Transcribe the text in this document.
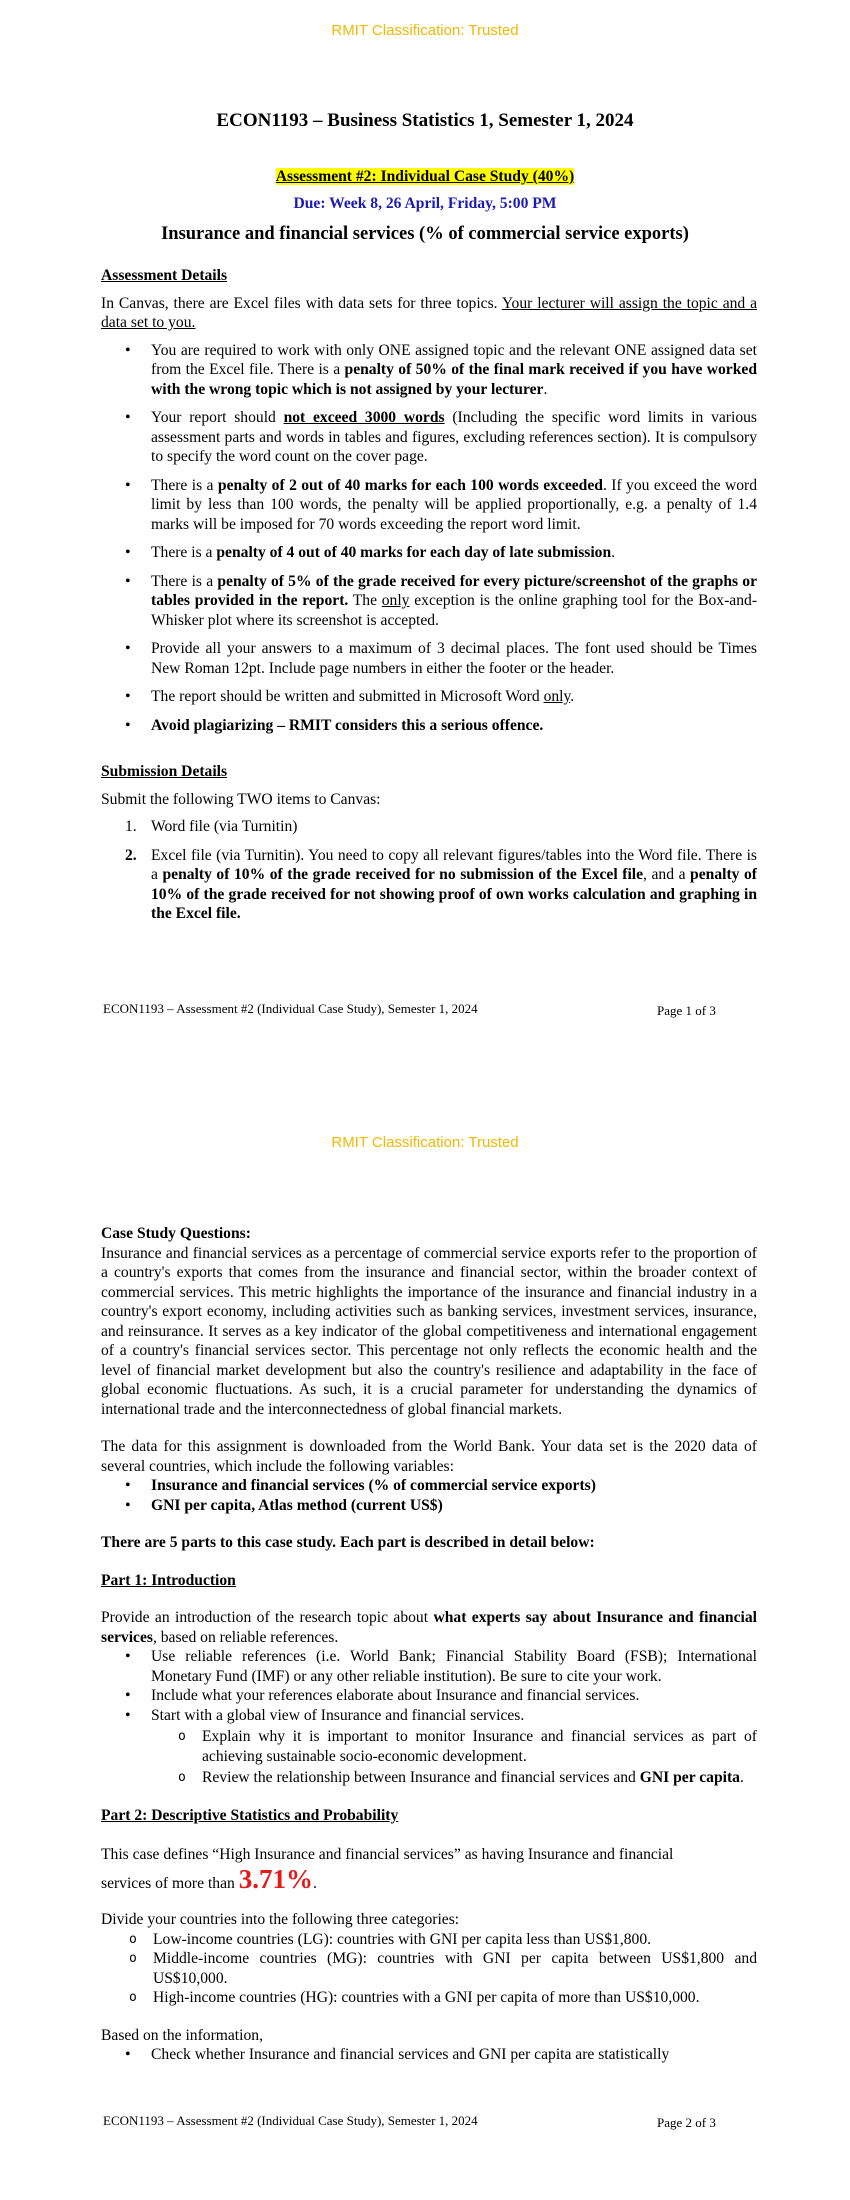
RMIT Classification: Trusted
ECON1193 – Business Statistics 1, Semester 1, 2024
Assessment #2: Individual Case Study (40%)
Due: Week 8, 26 April, Friday, 5:00 PM
Insurance and financial services (% of commercial service exports)

Assessment Details

In Canvas, there are Excel files with data sets for three topics. Your lecturer will assign the topic and a data set to you.

• You are required to work with only ONE assigned topic and the relevant ONE assigned data set from the Excel file. There is a penalty of 50% of the final mark received if you have worked with the wrong topic which is not assigned by your lecturer.
• Your report should not exceed 3000 words (Including the specific word limits in various assessment parts and words in tables and figures, excluding references section). It is compulsory to specify the word count on the cover page.
• There is a penalty of 2 out of 40 marks for each 100 words exceeded. If you exceed the word limit by less than 100 words, the penalty will be applied proportionally, e.g. a penalty of 1.4 marks will be imposed for 70 words exceeding the report word limit.
• There is a penalty of 4 out of 40 marks for each day of late submission.
• There is a penalty of 5% of the grade received for every picture/screenshot of the graphs or tables provided in the report. The only exception is the online graphing tool for the Box-and-Whisker plot where its screenshot is accepted.
• Provide all your answers to a maximum of 3 decimal places. The font used should be Times New Roman 12pt. Include page numbers in either the footer or the header.
• The report should be written and submitted in Microsoft Word only.
• Avoid plagiarizing – RMIT considers this a serious offence.

Submission Details

Submit the following TWO items to Canvas:

1. Word file (via Turnitin)
2. Excel file (via Turnitin). You need to copy all relevant figures/tables into the Word file. There is a penalty of 10% of the grade received for no submission of the Excel file, and a penalty of 10% of the grade received for not showing proof of own works calculation and graphing in the Excel file.
ECON1193 – Assessment #2 (Individual Case Study), Semester 1, 2024	Page 1 of 3
RMIT Classification: Trusted

Case Study Questions:

Insurance and financial services as a percentage of commercial service exports refer to the proportion of a country's exports that comes from the insurance and financial sector, within the broader context of commercial services. This metric highlights the importance of the insurance and financial industry in a country's export economy, including activities such as banking services, investment services, insurance, and reinsurance. It serves as a key indicator of the global competitiveness and international engagement of a country's financial services sector. This percentage not only reflects the economic health and the level of financial market development but also the country's resilience and adaptability in the face of global economic fluctuations. As such, it is a crucial parameter for understanding the dynamics of international trade and the interconnectedness of global financial markets.

The data for this assignment is downloaded from the World Bank. Your data set is the 2020 data of several countries, which include the following variables:

• Insurance and financial services (% of commercial service exports)
• GNI per capita, Atlas method (current US$)

There are 5 parts to this case study. Each part is described in detail below:

Part 1: Introduction

Provide an introduction of the research topic about what experts say about Insurance and financial services, based on reliable references.

• Use reliable references (i.e. World Bank; Financial Stability Board (FSB); International Monetary Fund (IMF) or any other reliable institution). Be sure to cite your work.
• Include what your references elaborate about Insurance and financial services.
• Start with a global view of Insurance and financial services.
o Explain why it is important to monitor Insurance and financial services as part of achieving sustainable socio-economic development.
o Review the relationship between Insurance and financial services and GNI per capita.

Part 2: Descriptive Statistics and Probability

This case defines “High Insurance and financial services” as having Insurance and financial services of more than 3.71%.

Divide your countries into the following three categories:

o Low-income countries (LG): countries with GNI per capita less than US$1,800.
o Middle-income countries (MG): countries with GNI per capita between US$1,800 and US$10,000.
o High-income countries (HG): countries with a GNI per capita of more than US$10,000.

Based on the information,

• Check whether Insurance and financial services and GNI per capita are statistically
ECON1193 – Assessment #2 (Individual Case Study), Semester 1, 2024	Page 2 of 3
